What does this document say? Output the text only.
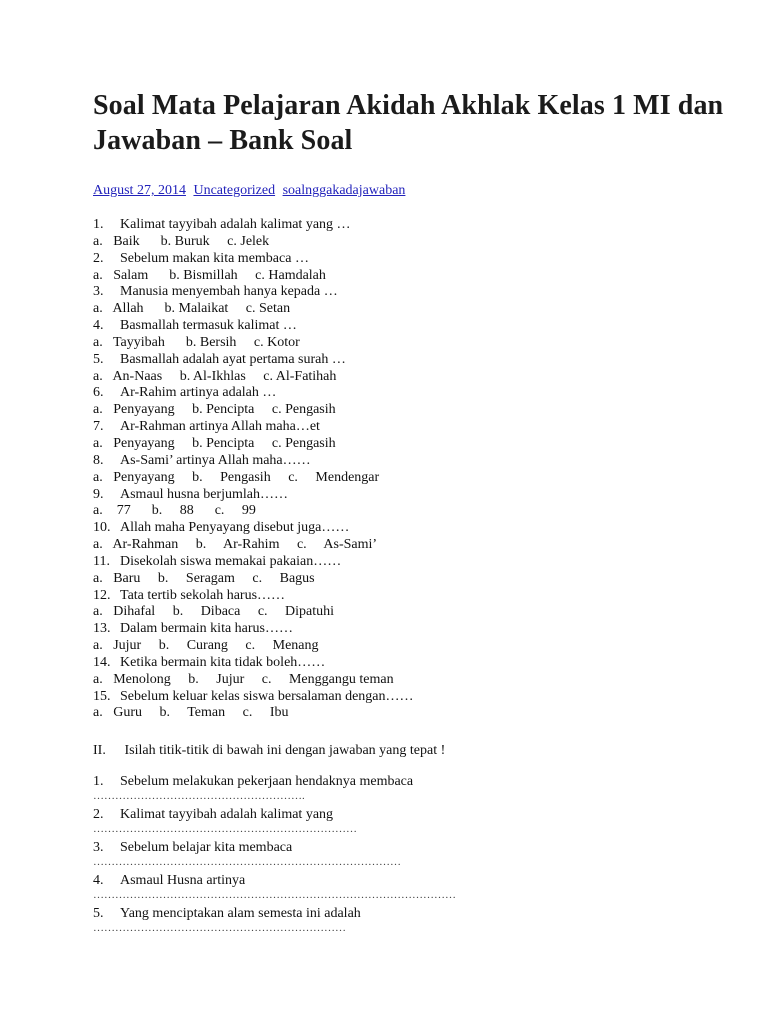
Soal Mata Pelajaran Akidah Akhlak Kelas 1 MI dan Jawaban – Bank Soal
August 27, 2014 Uncategorized soalnggakadajawaban
1. Kalimat tayyibah adalah kalimat yang …
a.   Baik      b. Buruk     c. Jelek
2. Sebelum makan kita membaca …
a.   Salam      b. Bismillah     c. Hamdalah
3. Manusia menyembah hanya kepada …
a.   Allah      b. Malaikat     c. Setan
4. Basmallah termasuk kalimat …
a.   Tayyibah      b. Bersih     c. Kotor
5. Basmallah adalah ayat pertama surah …
a.   An-Naas     b. Al-Ikhlas     c. Al-Fatihah
6. Ar-Rahim artinya adalah …
a.   Penyayang     b. Pencipta     c. Pengasih
7. Ar-Rahman artinya Allah maha…et
a.   Penyayang     b. Pencipta     c. Pengasih
8. As-Sami’ artinya Allah maha……
a.   Penyayang     b.     Pengasih     c.     Mendengar
9. Asmaul husna berjumlah……
a.    77      b.     88      c.     99
10. Allah maha Penyayang disebut juga……
a.   Ar-Rahman     b.     Ar-Rahim     c.     As-Sami’
11. Disekolah siswa memakai pakaian……
a.   Baru     b.     Seragam     c.     Bagus
12. Tata tertib sekolah harus……
a.   Dihafal     b.     Dibaca     c.     Dipatuhi
13. Dalam bermain kita harus……
a.   Jujur     b.     Curang     c.     Menang
14. Ketika bermain kita tidak boleh……
a.   Menolong     b.     Jujur     c.     Menggangu teman
15. Sebelum keluar kelas siswa bersalaman dengan……
a.   Guru     b.     Teman     c.     Ibu
II. Isilah titik-titik di bawah ini dengan jawaban yang tepat !
1. Sebelum melakukan pekerjaan hendaknya membaca
………………………………………………….
2. Kalimat tayyibah adalah kalimat yang
………………………………………………………………
3. Sebelum belajar kita membaca
…………………………………………………………………………
4. Asmaul Husna artinya
………………………………………………………………………………………
5. Yang menciptakan alam semesta ini adalah
……………………………………………………………
